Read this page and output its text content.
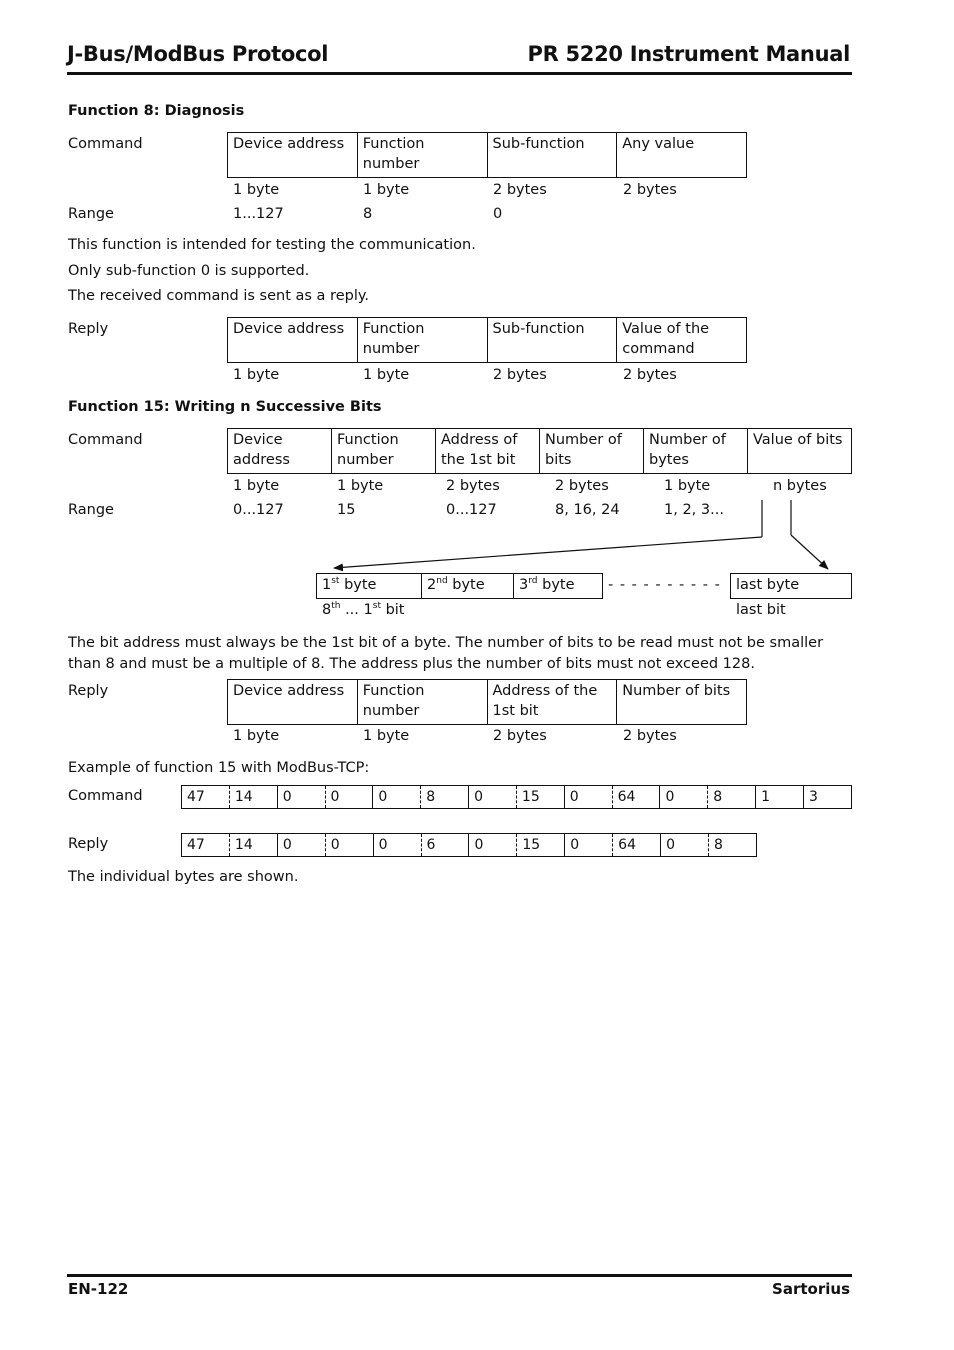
J-Bus/ModBus Protocol	PR 5220 Instrument Manual
Function 8: Diagnosis
Command	Device address	Function number	Sub-function	Any value
1 byte	1 byte	2 bytes	2 bytes
Range	1...127	8	0
This function is intended for testing the communication.
Only sub-function 0 is supported.
The received command is sent as a reply.
Reply	Device address	Function number	Sub-function	Value of the command
1 byte	1 byte	2 bytes	2 bytes
Function 15: Writing n Successive Bits
Command	Device address	Function number	Address of the 1st bit	Number of bits	Number of bytes	Value of bits
1 byte	1 byte	2 bytes	2 bytes	1 byte	n bytes
Range	0...127	15	0...127	8, 16, 24	1, 2, 3...
1st byte	2nd byte	3rd byte - - - - - - - - - - last byte
8th ... 1st bit	last bit
The bit address must always be the 1st bit of a byte. The number of bits to be read must not be smaller than 8 and must be a multiple of 8. The address plus the number of bits must not exceed 128.
Reply	Device address	Function number	Address of the 1st bit	Number of bits
1 byte	1 byte	2 bytes	2 bytes
Example of function 15 with ModBus-TCP:
Command	47	14	0	0	0	8	0	15	0	64	0	8	1	3
Reply	47	14	0	0	0	6	0	15	0	64	0	8
The individual bytes are shown.
EN-122	Sartorius
